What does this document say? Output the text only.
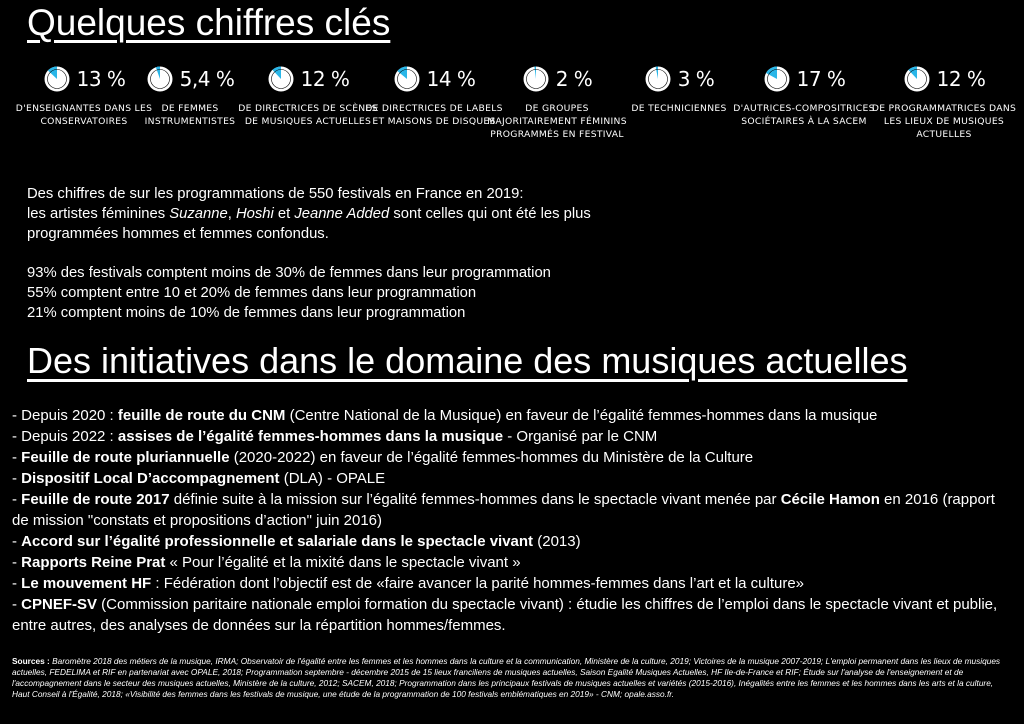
Quelques chiffres clés
13 %
D'ENSEIGNANTES DANS LES CONSERVATOIRES
5,4 %
DE FEMMES INSTRUMENTISTES
12 %
DE DIRECTRICES DE SCÈNES DE MUSIQUES ACTUELLES
14 %
DE DIRECTRICES DE LABELS ET MAISONS DE DISQUES
2 %
DE GROUPES MAJORITAIREMENT FÉMININS PROGRAMMÉS EN FESTIVAL
3 %
DE TECHNICIENNES
17 %
D'AUTRICES-COMPOSITRICES SOCIÉTAIRES À LA SACEM
12 %
DE PROGRAMMATRICES DANS LES LIEUX DE MUSIQUES ACTUELLES

Des chiffres de sur les programmations de 550 festivals en France en 2019:

les artistes féminines Suzanne, Hoshi et Jeanne Added sont celles qui ont été les plus programmées hommes et femmes confondus.

93% des festivals comptent moins de 30% de femmes dans leur programmation

55% comptent entre 10 et 20% de femmes dans leur programmation

21% comptent moins de 10% de femmes dans leur programmation

Des initiatives dans le domaine des musiques actuelles
- Depuis 2020 : feuille de route du CNM (Centre National de la Musique) en faveur de l’égalité femmes-hommes dans la musique
- Depuis 2022 : assises de l’égalité femmes-hommes dans la musique - Organisé par le CNM
- Feuille de route pluriannuelle (2020-2022) en faveur de l’égalité femmes-hommes du Ministère de la Culture
- Dispositif Local D’accompagnement (DLA) - OPALE
- Feuille de route 2017 définie suite à la mission sur l’égalité femmes-hommes dans le spectacle vivant menée par Cécile Hamon en 2016 (rapport de mission "constats et propositions d’action" juin 2016)
- Accord sur l’égalité professionnelle et salariale dans le spectacle vivant (2013)
- Rapports Reine Prat « Pour l’égalité et la mixité dans le spectacle vivant »
- Le mouvement HF : Fédération dont l’objectif est de «faire avancer la parité hommes-femmes dans l’art et la culture»
- CPNEF-SV (Commission paritaire nationale emploi formation du spectacle vivant) : étudie les chiffres de l’emploi dans le spectacle vivant et publie, entre autres, des analyses de données sur la répartition hommes/femmes.
Sources : Baromètre 2018 des métiers de la musique, IRMA; Observatoir de l'égalité entre les femmes et les hommes dans la culture et la communication, Ministère de la culture, 2019; Victoires de la musique 2007-2019; L'emploi permanent dans les lieux de musiques actuelles, FEDELIMA et RIF en partenariat avec OPALE, 2018; Programmation septembre - décembre 2015 de 15 lieux franciliens de musiques actuelles, Saison Egalité Musiques Actuelles, HF Ile-de-France et RIF; Étude sur l'analyse de l'enseignement et de l'accompagnement dans le secteur des musiques actuelles, Ministère de la culture, 2012; SACEM, 2018; Programmation dans les principaux festivals de musiques actuelles et variétés (2015-2016), Inégalités entre les femmes et les hommes dans les arts et la culture, Haut Conseil à l'Égalité, 2018; «Visibilité des femmes dans les festivals de musique, une étude de la programmation de 100 festivals emblématiques en 2019» - CNM; opale.asso.fr.
